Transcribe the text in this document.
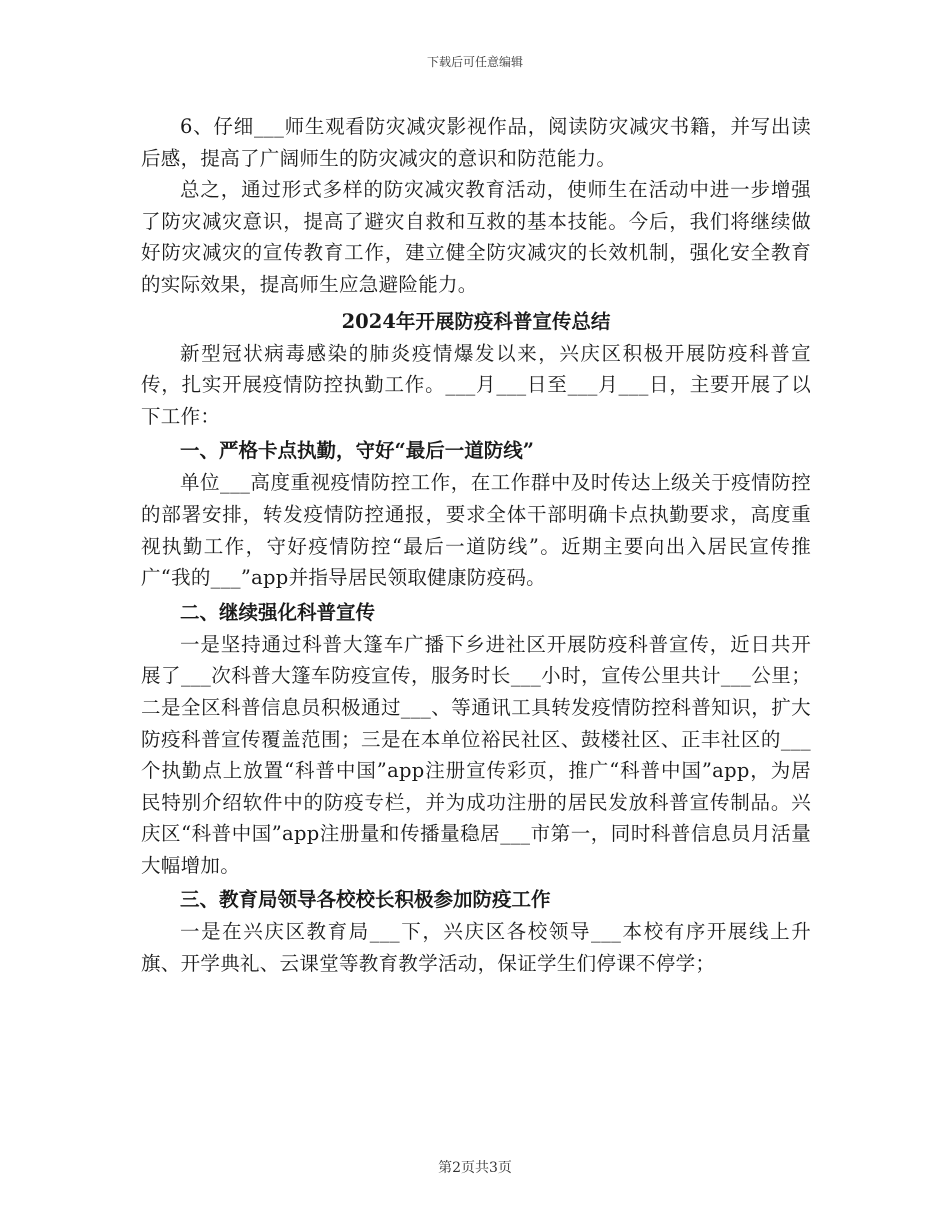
下载后可任意编辑

6、仔细___师生观看防灾减灾影视作品，阅读防灾减灾书籍，并写出读后感，提高了广阔师生的防灾减灾的意识和防范能力。

总之，通过形式多样的防灾减灾教育活动，使师生在活动中进一步增强了防灾减灾意识，提高了避灾自救和互救的基本技能。今后，我们将继续做好防灾减灾的宣传教育工作，建立健全防灾减灾的长效机制，强化安全教育的实际效果，提高师生应急避险能力。

2024年开展防疫科普宣传总结

新型冠状病毒感染的肺炎疫情爆发以来，兴庆区积极开展防疫科普宣传，扎实开展疫情防控执勤工作。___月___日至___月___日，主要开展了以下工作：

一、严格卡点执勤，守好“最后一道防线”

单位___高度重视疫情防控工作，在工作群中及时传达上级关于疫情防控的部署安排，转发疫情防控通报，要求全体干部明确卡点执勤要求，高度重视执勤工作，守好疫情防控“最后一道防线”。近期主要向出入居民宣传推广“我的___”app并指导居民领取健康防疫码。

二、继续强化科普宣传

一是坚持通过科普大篷车广播下乡进社区开展防疫科普宣传，近日共开展了___次科普大篷车防疫宣传，服务时长___小时，宣传公里共计___公里；二是全区科普信息员积极通过___、等通讯工具转发疫情防控科普知识，扩大防疫科普宣传覆盖范围；三是在本单位裕民社区、鼓楼社区、正丰社区的___个执勤点上放置“科普中国”app注册宣传彩页，推广“科普中国”app，为居民特别介绍软件中的防疫专栏，并为成功注册的居民发放科普宣传制品。兴庆区“科普中国”app注册量和传播量稳居___市第一，同时科普信息员月活量大幅增加。

三、教育局领导各校校长积极参加防疫工作

一是在兴庆区教育局___下，兴庆区各校领导___本校有序开展线上升旗、开学典礼、云课堂等教育教学活动，保证学生们停课不停学；

第2页共3页
